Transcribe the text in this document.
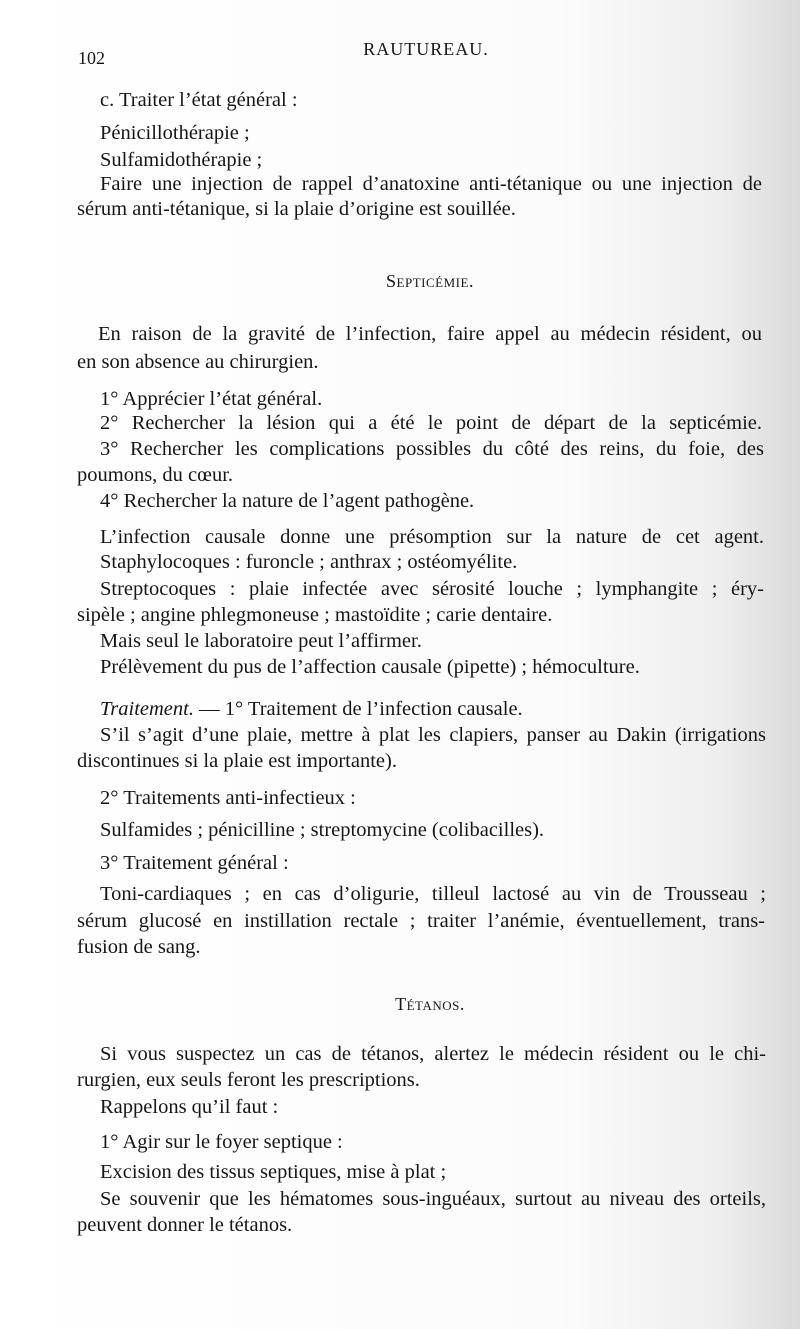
102	RAUTUREAU.
c. Traiter l’état général :
Pénicillothérapie ;
Sulfamidothérapie ;
Faire une injection de rappel d’anatoxine anti-tétanique ou une injection de
sérum anti-tétanique, si la plaie d’origine est souillée.
Septicémie.
En raison de la gravité de l’infection, faire appel au médecin résident, ou
en son absence au chirurgien.
1° Apprécier l’état général.
2° Rechercher la lésion qui a été le point de départ de la septicémie.
3° Rechercher les complications possibles du côté des reins, du foie, des
poumons, du cœur.
4° Rechercher la nature de l’agent pathogène.
L’infection causale donne une présomption sur la nature de cet agent.
Staphylocoques : furoncle ; anthrax ; ostéomyélite.
Streptocoques : plaie infectée avec sérosité louche ; lymphangite ; éry-
sipèle ; angine phlegmoneuse ; mastoïdite ; carie dentaire.
Mais seul le laboratoire peut l’affirmer.
Prélèvement du pus de l’affection causale (pipette) ; hémoculture.
Traitement. — 1° Traitement de l’infection causale.
S’il s’agit d’une plaie, mettre à plat les clapiers, panser au Dakin (irrigations
discontinues si la plaie est importante).
2° Traitements anti-infectieux :
Sulfamides ; pénicilline ; streptomycine (colibacilles).
3° Traitement général :
Toni-cardiaques ; en cas d’oligurie, tilleul lactosé au vin de Trousseau ;
sérum glucosé en instillation rectale ; traiter l’anémie, éventuellement, trans-
fusion de sang.
Tétanos.
Si vous suspectez un cas de tétanos, alertez le médecin résident ou le chi-
rurgien, eux seuls feront les prescriptions.
Rappelons qu’il faut :
1° Agir sur le foyer septique :
Excision des tissus septiques, mise à plat ;
Se souvenir que les hématomes sous-inguéaux, surtout au niveau des orteils,
peuvent donner le tétanos.
